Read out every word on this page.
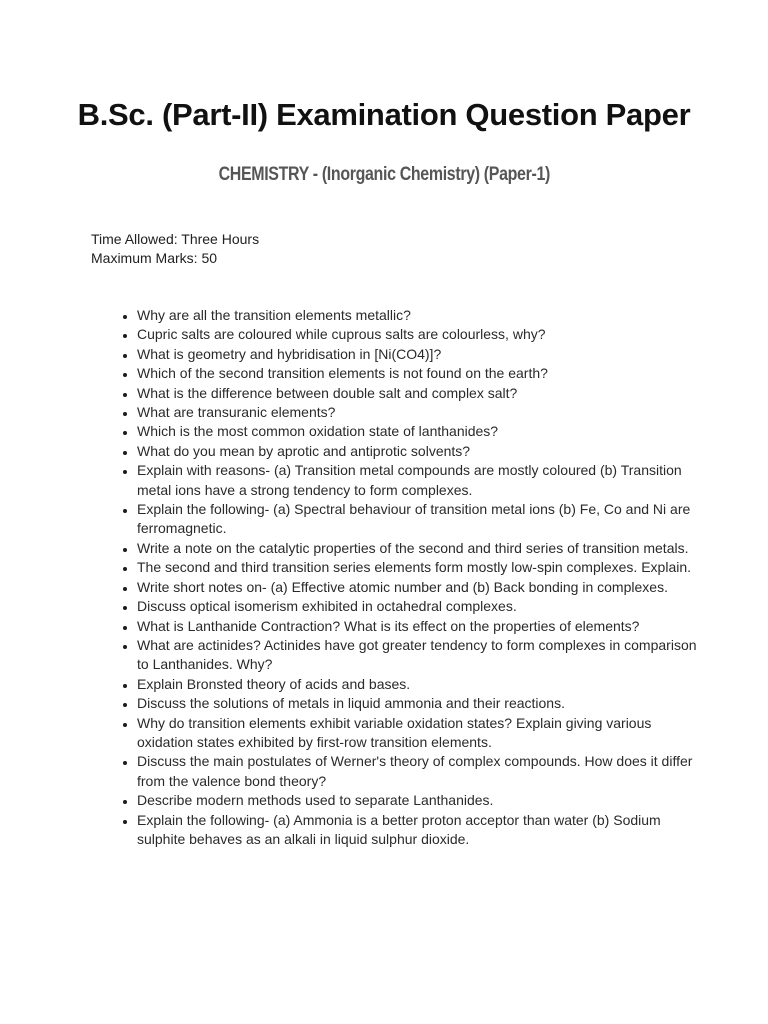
B.Sc. (Part-II) Examination Question Paper
CHEMISTRY - (Inorganic Chemistry) (Paper-1)
Time Allowed: Three Hours
Maximum Marks: 50
• Why are all the transition elements metallic?
• Cupric salts are coloured while cuprous salts are colourless, why?
• What is geometry and hybridisation in [Ni(CO4)]?
• Which of the second transition elements is not found on the earth?
• What is the difference between double salt and complex salt?
• What are transuranic elements?
• Which is the most common oxidation state of lanthanides?
• What do you mean by aprotic and antiprotic solvents?
• Explain with reasons- (a) Transition metal compounds are mostly coloured (b) Transition metal ions have a strong tendency to form complexes.
• Explain the following- (a) Spectral behaviour of transition metal ions (b) Fe, Co and Ni are ferromagnetic.
• Write a note on the catalytic properties of the second and third series of transition metals.
• The second and third transition series elements form mostly low-spin complexes. Explain.
• Write short notes on- (a) Effective atomic number and (b) Back bonding in complexes.
• Discuss optical isomerism exhibited in octahedral complexes.
• What is Lanthanide Contraction? What is its effect on the properties of elements?
• What are actinides? Actinides have got greater tendency to form complexes in comparison to Lanthanides. Why?
• Explain Bronsted theory of acids and bases.
• Discuss the solutions of metals in liquid ammonia and their reactions.
• Why do transition elements exhibit variable oxidation states? Explain giving various oxidation states exhibited by first-row transition elements.
• Discuss the main postulates of Werner's theory of complex compounds. How does it differ from the valence bond theory?
• Describe modern methods used to separate Lanthanides.
• Explain the following- (a) Ammonia is a better proton acceptor than water (b) Sodium sulphite behaves as an alkali in liquid sulphur dioxide.
